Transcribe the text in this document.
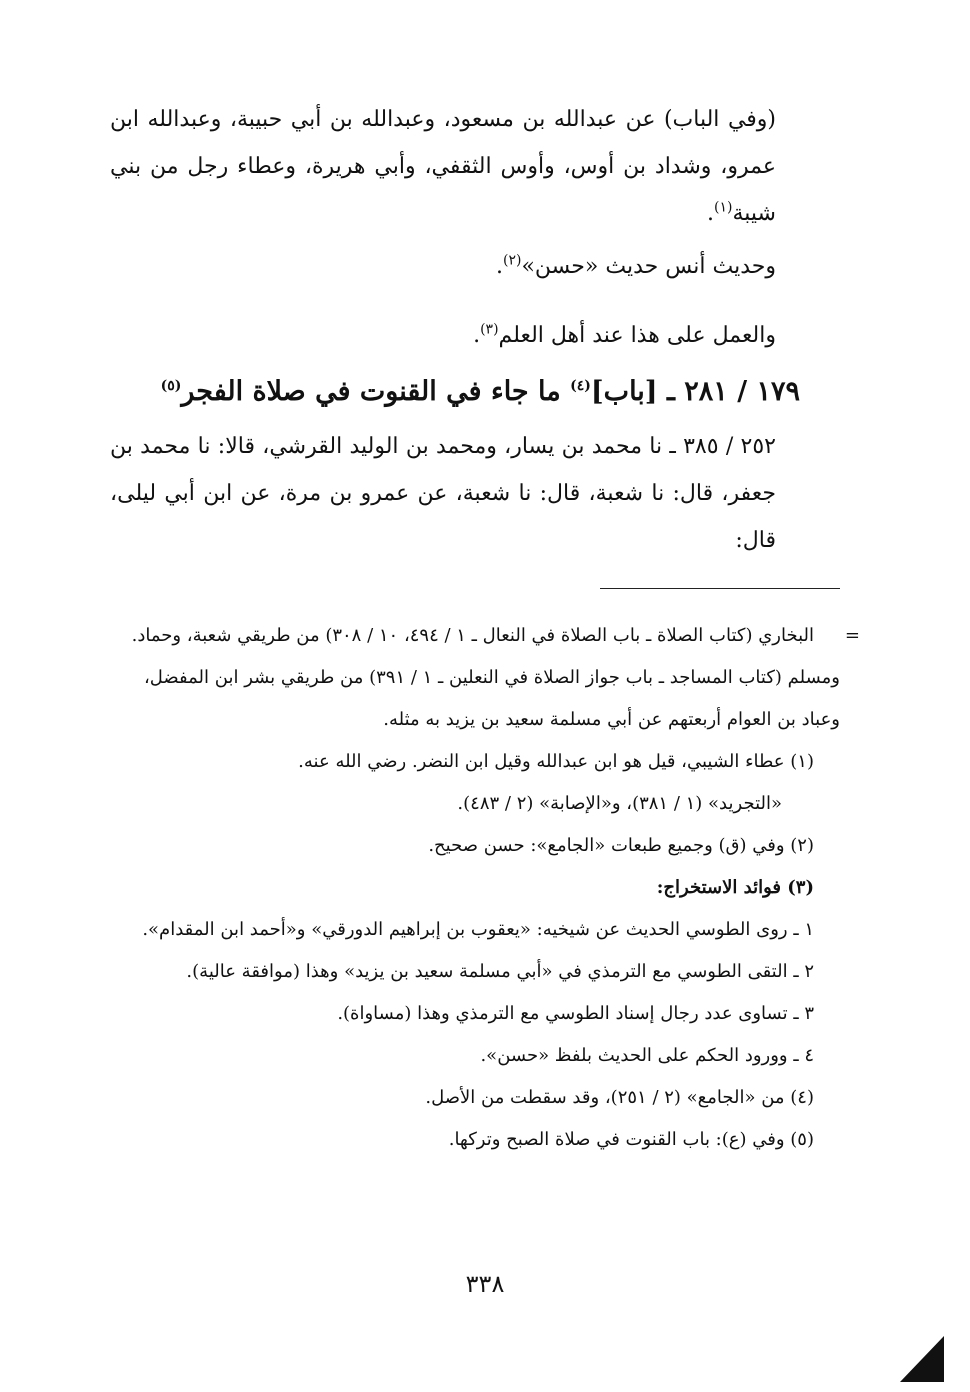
(وفي الباب) عن عبدالله بن مسعود، وعبدالله بن أبي حبيبة، وعبدالله ابن عمرو، وشداد بن أوس، وأوس الثقفي، وأبي هريرة، وعطاء رجل من بني شيبة$^{(١)}$.

وحديث أنس حديث «حسن»$^{(٢)}$.

والعمل على هذا عند أهل العلم$^{(٣)}$.

١٧٩ / ٢٨١ ـ [باب]$^{(٤)}$ ما جاء في القنوت في صلاة الفجر$^{(٥)}$

٢٥٢ / ٣٨٥ ـ نا محمد بن يسار، ومحمد بن الوليد القرشي، قالا: نا محمد بن جعفر، قال: نا شعبة، قال: نا شعبة، عن عمرو بن مرة، عن ابن أبي ليلى، قال:

=
البخاري (كتاب الصلاة ـ باب الصلاة في النعال ـ ١ / ٤٩٤، ١٠ / ٣٠٨) من طريقي شعبة، وحماد.

ومسلم (كتاب المساجد ـ باب جواز الصلاة في النعلين ـ ١ / ٣٩١) من طريقي بشر ابن المفضل، وعباد بن العوام أربعتهم عن أبي مسلمة سعيد بن يزيد به مثله.

(١) عطاء الشيبي، قيل هو ابن عبدالله وقيل ابن النضر. رضي الله عنه.

«التجريد» (١ / ٣٨١)، و«الإصابة» (٢ / ٤٨٣).

(٢) وفي (ق) وجميع طبعات «الجامع»: حسن صحيح.

(٣) فوائد الاستخراج:

١ ـ روى الطوسي الحديث عن شيخيه: «يعقوب بن إبراهيم الدورقي» و«أحمد ابن المقدام».

٢ ـ التقى الطوسي مع الترمذي في «أبي مسلمة سعيد بن يزيد» وهذا (موافقة عالية).

٣ ـ تساوى عدد رجال إسناد الطوسي مع الترمذي وهذا (مساواة).

٤ ـ وورود الحكم على الحديث بلفظ «حسن».

(٤) من «الجامع» (٢ / ٢٥١)، وقد سقطت من الأصل.

(٥) وفي (ع): باب القنوت في صلاة الصبح وتركها.

٣٣٨
